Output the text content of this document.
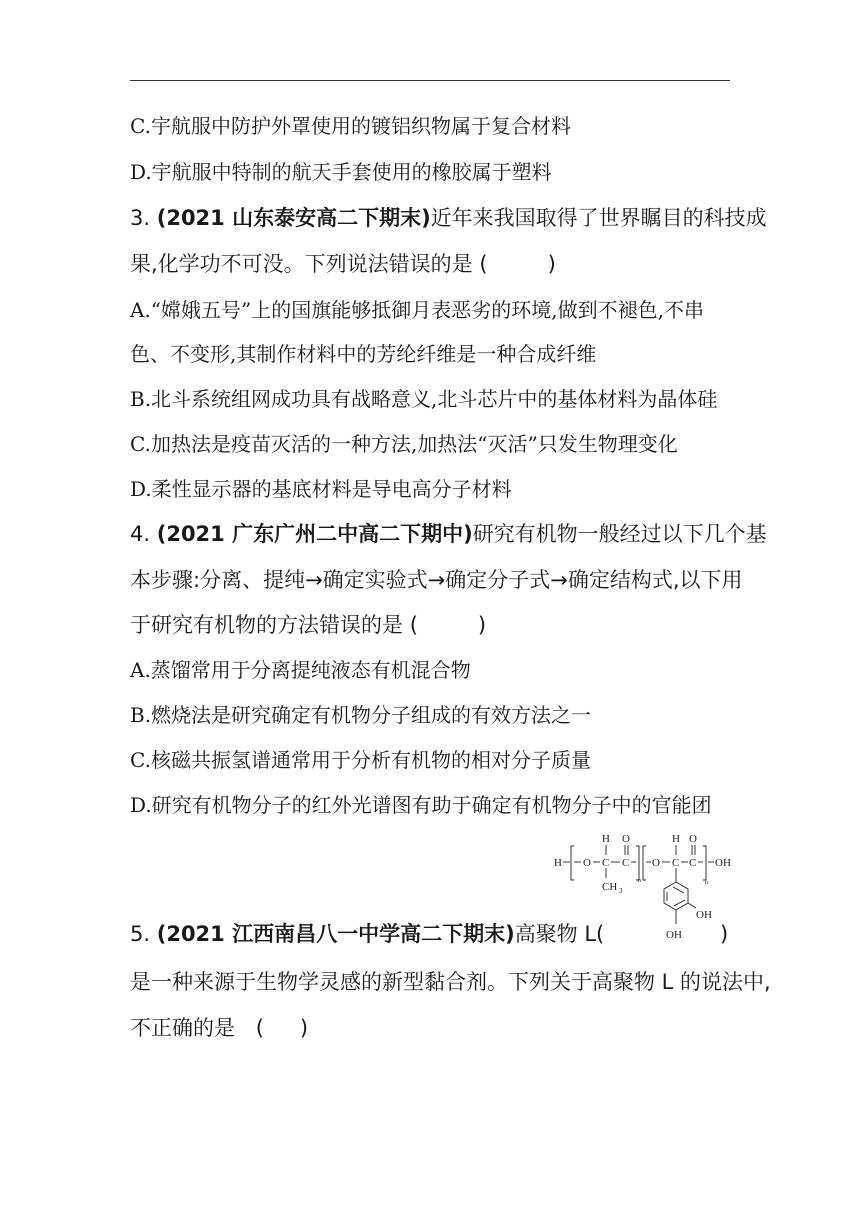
C.宇航服中防护外罩使用的镀铝织物属于复合材料
D.宇航服中特制的航天手套使用的橡胶属于塑料
3. (2021 山东泰安高二下期末)近年来我国取得了世界瞩目的科技成
果,化学功不可没。下列说法错误的是 (	)
A.“嫦娥五号”上的国旗能够抵御月表恶劣的环境,做到不褪色,不串
色、不变形,其制作材料中的芳纶纤维是一种合成纤维
B.北斗系统组网成功具有战略意义,北斗芯片中的基体材料为晶体硅
C.加热法是疫苗灭活的一种方法,加热法“灭活”只发生物理变化
D.柔性显示器的基底材料是导电高分子材料
4. (2021 广东广州二中高二下期中)研究有机物一般经过以下几个基
本步骤:分离、提纯→确定实验式→确定分子式→确定结构式,以下用
于研究有机物的方法错误的是 (	)
A.蒸馏常用于分离提纯液态有机混合物
B.燃烧法是研究确定有机物分子组成的有效方法之一
C.核磁共振氢谱通常用于分析有机物的相对分子质量
D.研究有机物分子的红外光谱图有助于确定有机物分子中的官能团
H O C
H
CH 3
C
O
n
O C
H
C
O
n
OH
OH
OH
5. (2021 江西南昌八一中学高二下期末)高聚物 L(	)
是一种来源于生物学灵感的新型黏合剂。下列关于高聚物 L 的说法中,
不正确的是 ( )
